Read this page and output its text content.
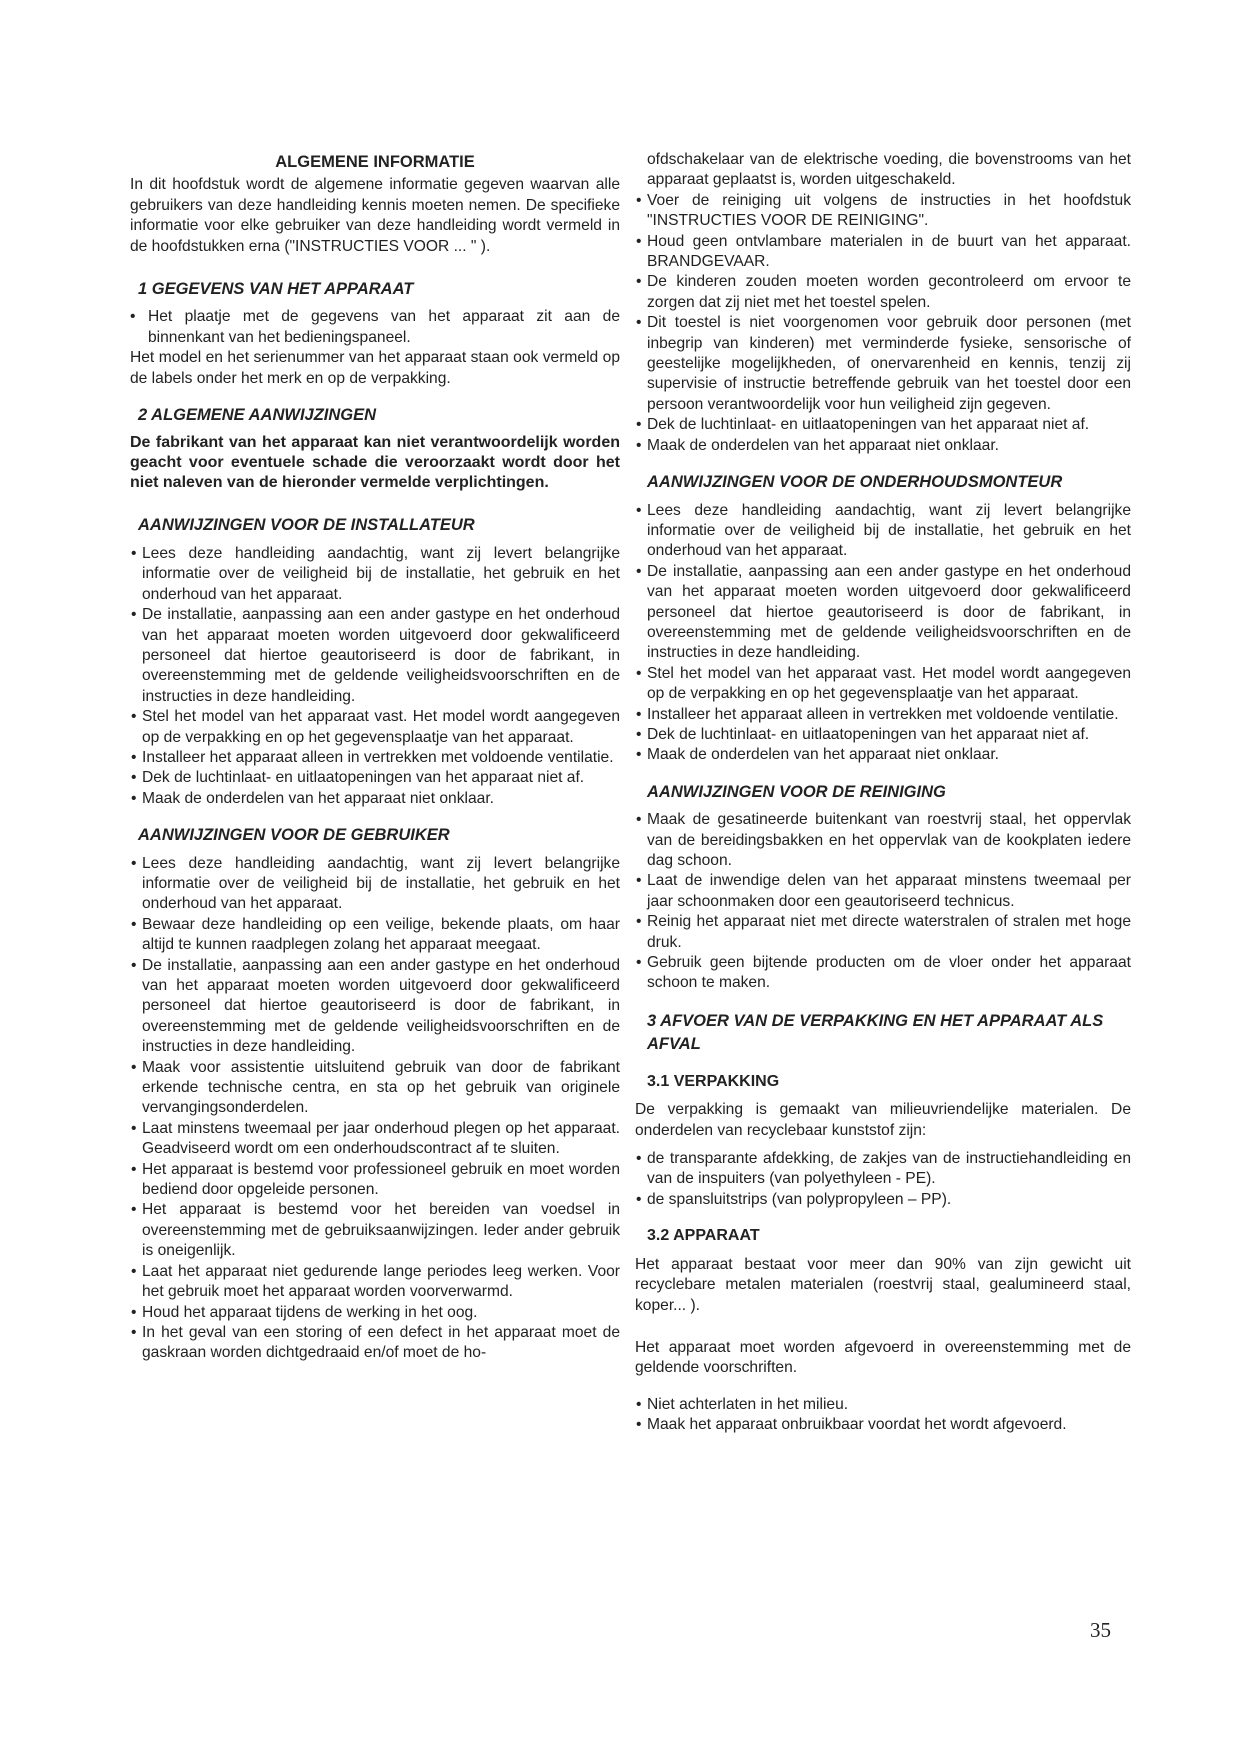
ALGEMENE INFORMATIE

In dit hoofdstuk wordt de algemene informatie gegeven waarvan alle gebruikers van deze handleiding kennis moeten nemen. De specifieke informatie voor elke gebruiker van deze handleiding wordt vermeld in de hoofdstukken erna ("INSTRUCTIES VOOR ... " ).

1 GEGEVENS VAN HET APPARAAT
• Het plaatje met de gegevens van het apparaat zit aan de binnenkant van het bedieningspaneel.
Het model en het serienummer van het apparaat staan ook vermeld op de labels onder het merk en op de verpakking.
2 ALGEMENE AANWIJZINGEN

De fabrikant van het apparaat kan niet verantwoordelijk worden geacht voor eventuele schade die veroorzaakt wordt door het niet naleven van de hieronder vermelde verplichtingen.

AANWIJZINGEN VOOR DE INSTALLATEUR
• Lees deze handleiding aandachtig, want zij levert belangrijke informatie over de veiligheid bij de installatie, het gebruik en het onderhoud van het apparaat.
• De installatie, aanpassing aan een ander gastype en het onderhoud van het apparaat moeten worden uitgevoerd door gekwalificeerd personeel dat hiertoe geautoriseerd is door de fabrikant, in overeenstemming met de geldende veiligheidsvoorschriften en de instructies in deze handleiding.
• Stel het model van het apparaat vast. Het model wordt aangegeven op de verpakking en op het gegevensplaatje van het apparaat.
• Installeer het apparaat alleen in vertrekken met voldoende ventilatie.
• Dek de luchtinlaat- en uitlaatopeningen van het apparaat niet af.
• Maak de onderdelen van het apparaat niet onklaar.
AANWIJZINGEN VOOR DE GEBRUIKER
• Lees deze handleiding aandachtig, want zij levert belangrijke informatie over de veiligheid bij de installatie, het gebruik en het onderhoud van het apparaat.
• Bewaar deze handleiding op een veilige, bekende plaats, om haar altijd te kunnen raadplegen zolang het apparaat meegaat.
• De installatie, aanpassing aan een ander gastype en het onderhoud van het apparaat moeten worden uitgevoerd door gekwalificeerd personeel dat hiertoe geautoriseerd is door de fabrikant, in overeenstemming met de geldende veiligheidsvoorschriften en de instructies in deze handleiding.
• Maak voor assistentie uitsluitend gebruik van door de fabrikant erkende technische centra, en sta op het gebruik van originele vervangingsonderdelen.
• Laat minstens tweemaal per jaar onderhoud plegen op het apparaat. Geadviseerd wordt om een onderhoudscontract af te sluiten.
• Het apparaat is bestemd voor professioneel gebruik en moet worden bediend door opgeleide personen.
• Het apparaat is bestemd voor het bereiden van voedsel in overeenstemming met de gebruiksaanwijzingen. Ieder ander gebruik is oneigenlijk.
• Laat het apparaat niet gedurende lange periodes leeg werken. Voor het gebruik moet het apparaat worden voorverwarmd.
• Houd het apparaat tijdens de werking in het oog.
• In het geval van een storing of een defect in het apparaat moet de gaskraan worden dichtgedraaid en/of moet de ho-

ofdschakelaar van de elektrische voeding, die bovenstrooms van het apparaat geplaatst is, worden uitgeschakeld.

• Voer de reiniging uit volgens de instructies in het hoofdstuk "INSTRUCTIES VOOR DE REINIGING".
• Houd geen ontvlambare materialen in de buurt van het apparaat. BRANDGEVAAR.
• De kinderen zouden moeten worden gecontroleerd om ervoor te zorgen dat zij niet met het toestel spelen.
• Dit toestel is niet voorgenomen voor gebruik door personen (met inbegrip van kinderen) met verminderde fysieke, sensorische of geestelijke mogelijkheden, of onervarenheid en kennis, tenzij zij supervisie of instructie betreffende gebruik van het toestel door een persoon verantwoordelijk voor hun veiligheid zijn gegeven.
• Dek de luchtinlaat- en uitlaatopeningen van het apparaat niet af.
• Maak de onderdelen van het apparaat niet onklaar.
AANWIJZINGEN VOOR DE ONDERHOUDSMONTEUR
• Lees deze handleiding aandachtig, want zij levert belangrijke informatie over de veiligheid bij de installatie, het gebruik en het onderhoud van het apparaat.
• De installatie, aanpassing aan een ander gastype en het onderhoud van het apparaat moeten worden uitgevoerd door gekwalificeerd personeel dat hiertoe geautoriseerd is door de fabrikant, in overeenstemming met de geldende veiligheidsvoorschriften en de instructies in deze handleiding.
• Stel het model van het apparaat vast. Het model wordt aangegeven op de verpakking en op het gegevensplaatje van het apparaat.
• Installeer het apparaat alleen in vertrekken met voldoende ventilatie.
• Dek de luchtinlaat- en uitlaatopeningen van het apparaat niet af.
• Maak de onderdelen van het apparaat niet onklaar.
AANWIJZINGEN VOOR DE REINIGING
• Maak de gesatineerde buitenkant van roestvrij staal, het oppervlak van de bereidingsbakken en het oppervlak van de kookplaten iedere dag schoon.
• Laat de inwendige delen van het apparaat minstens tweemaal per jaar schoonmaken door een geautoriseerd technicus.
• Reinig het apparaat niet met directe waterstralen of stralen met hoge druk.
• Gebruik geen bijtende producten om de vloer onder het apparaat schoon te maken.
3 AFVOER VAN DE VERPAKKING EN HET APPARAAT ALS AFVAL
3.1 VERPAKKING

De verpakking is gemaakt van milieuvriendelijke materialen. De onderdelen van recyclebaar kunststof zijn:

• de transparante afdekking, de zakjes van de instructiehandleiding en van de inspuiters (van polyethyleen - PE).
• de spansluitstrips (van polypropyleen – PP).
3.2 APPARAAT

Het apparaat bestaat voor meer dan 90% van zijn gewicht uit recyclebare metalen materialen (roestvrij staal, gealumineerd staal, koper... ).

Het apparaat moet worden afgevoerd in overeenstemming met de geldende voorschriften.

• Niet achterlaten in het milieu.
• Maak het apparaat onbruikbaar voordat het wordt afgevoerd.
35
